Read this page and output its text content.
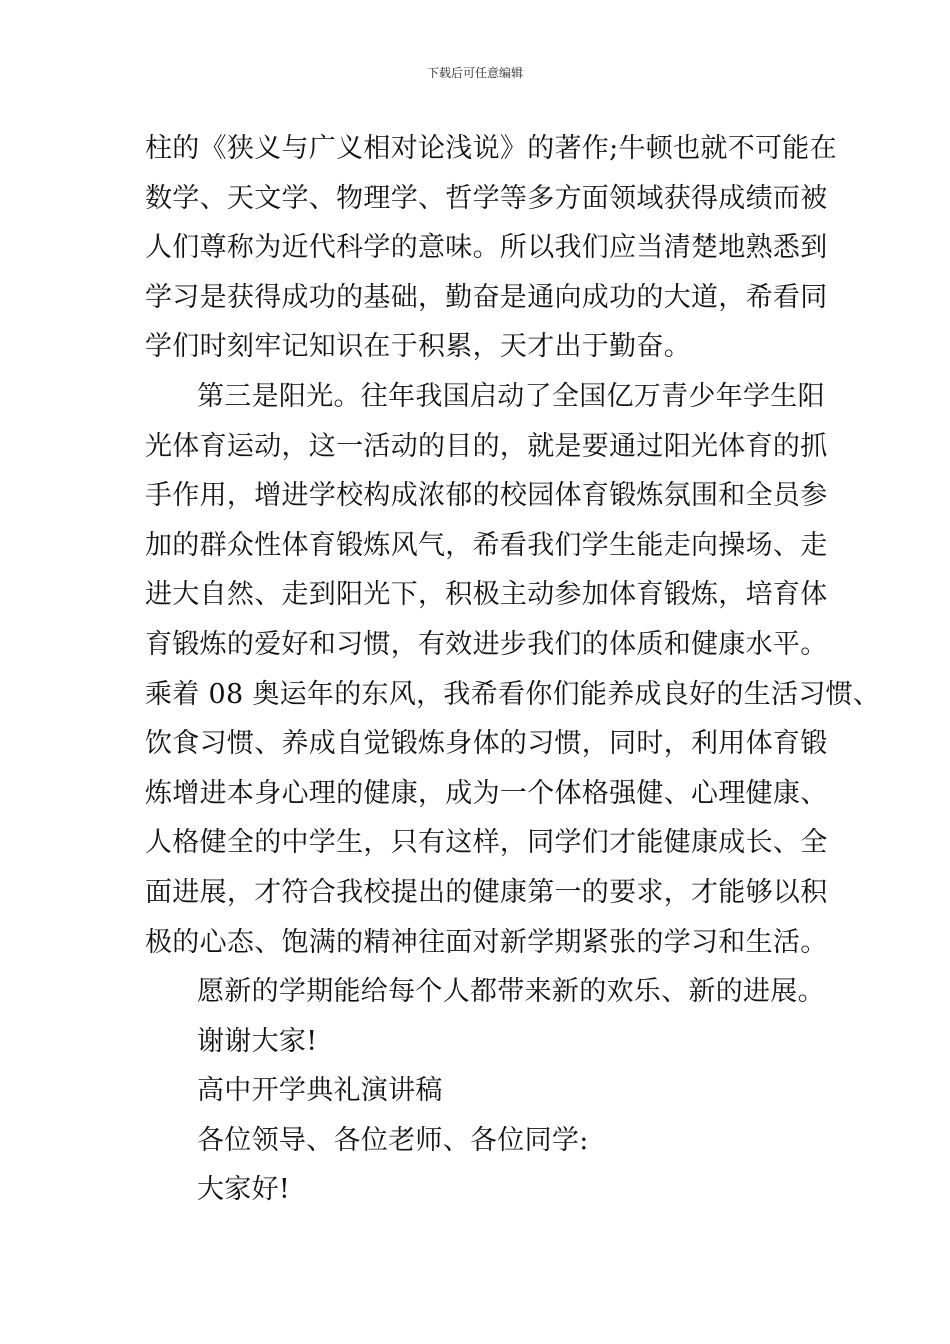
下载后可任意编辑
柱的《狭义与广义相对论浅说》的著作;牛顿也就不可能在
数学、天文学、物理学、哲学等多方面领域获得成绩而被
人们尊称为近代科学的意味。所以我们应当清楚地熟悉到
学习是获得成功的基础，勤奋是通向成功的大道，希看同
学们时刻牢记知识在于积累，天才出于勤奋。
第三是阳光。往年我国启动了全国亿万青少年学生阳
光体育运动，这一活动的目的，就是要通过阳光体育的抓
手作用，增进学校构成浓郁的校园体育锻炼氛围和全员参
加的群众性体育锻炼风气，希看我们学生能走向操场、走
进大自然、走到阳光下，积极主动参加体育锻炼，培育体
育锻炼的爱好和习惯，有效进步我们的体质和健康水平。
乘着 08 奥运年的东风，我希看你们能养成良好的生活习惯、
饮食习惯、养成自觉锻炼身体的习惯，同时，利用体育锻
炼增进本身心理的健康，成为一个体格强健、心理健康、
人格健全的中学生，只有这样，同学们才能健康成长、全
面进展，才符合我校提出的健康第一的要求，才能够以积
极的心态、饱满的精神往面对新学期紧张的学习和生活。
愿新的学期能给每个人都带来新的欢乐、新的进展。
谢谢大家!
高中开学典礼演讲稿
各位领导、各位老师、各位同学:
大家好!
